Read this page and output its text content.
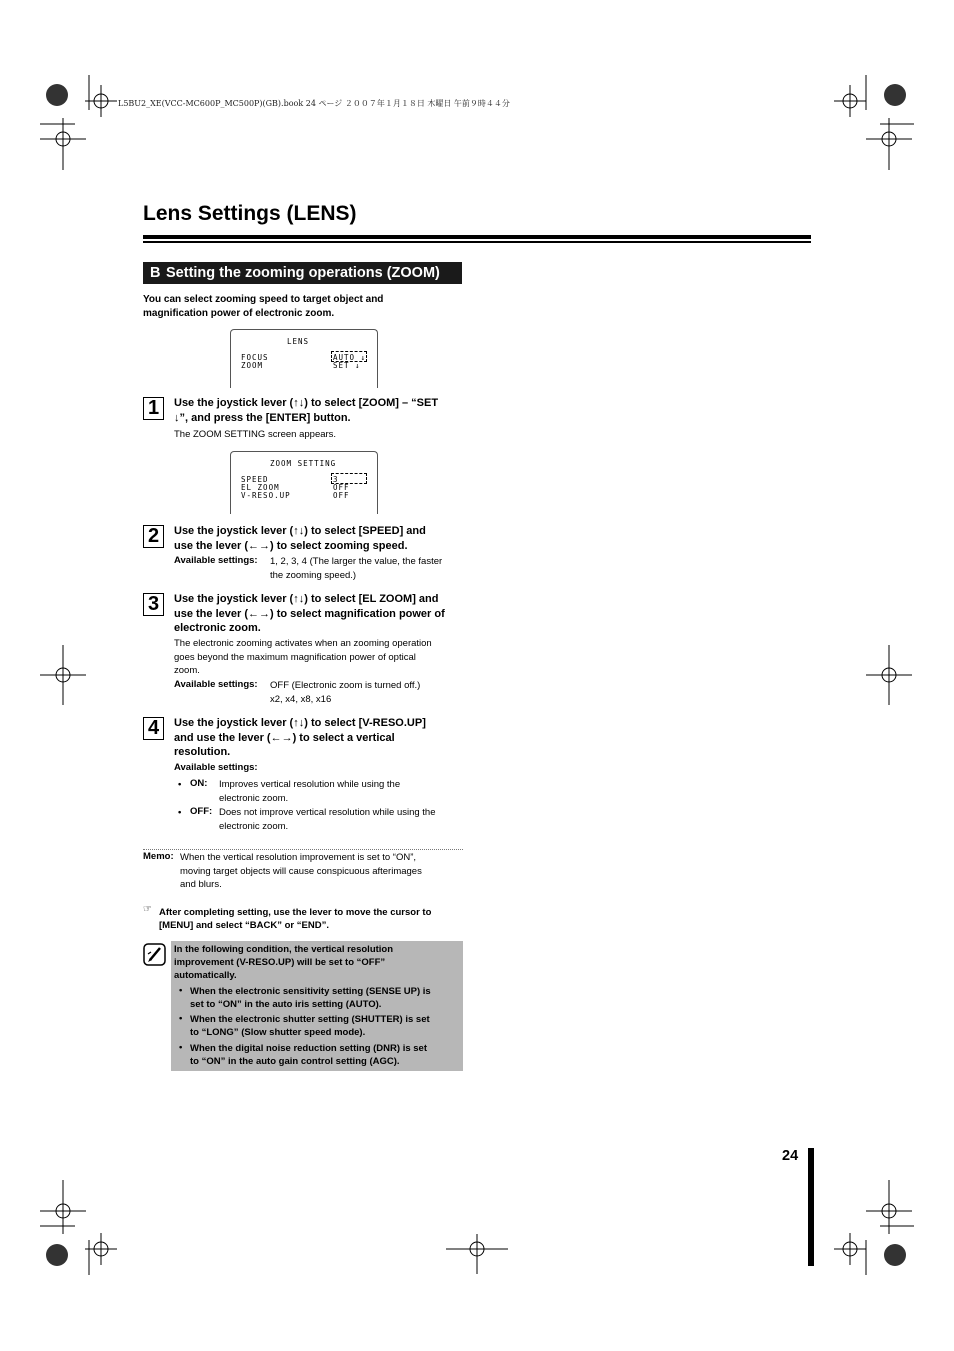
L5BU2_XE(VCC-MC600P_MC500P)(GB).book 24 ページ ２００７年１月１８日 木曜日 午前９時４４分
Lens Settings (LENS)
B Setting the zooming operations (ZOOM)
You can select zooming speed to target object and magnification power of electronic zoom.
LENS
FOCUS	AUTO ↓
ZOOM	SET ↓
1	Use the joystick lever (↑↓) to select [ZOOM] – “SET
↓”, and press the [ENTER] button.
The ZOOM SETTING screen appears.
ZOOM SETTING
SPEED	3
EL ZOOM	OFF
V-RESO.UP	OFF
2	Use the joystick lever (↑↓) to select [SPEED] and
use the lever (←→) to select zooming speed.
Available settings: 1, 2, 3, 4 (The larger the value, the faster
the zooming speed.)
3	Use the joystick lever (↑↓) to select [EL ZOOM] and
use the lever (←→) to select magnification power of
electronic zoom.
The electronic zooming activates when an zooming operation
goes beyond the maximum magnification power of optical
zoom.
Available settings: OFF (Electronic zoom is turned off.)
x2, x4, x8, x16
4	Use the joystick lever (↑↓) to select [V-RESO.UP]
and use the lever (←→) to select a vertical
resolution.
Available settings:
• ON: Improves vertical resolution while using the
electronic zoom.
• OFF: Does not improve vertical resolution while using the
electronic zoom.
Memo: When the vertical resolution improvement is set to “ON”,
moving target objects will cause conspicuous afterimages
and blurs.
☞ After completing setting, use the lever to move the cursor to
[MENU] and select “BACK” or “END”.
In the following condition, the vertical resolution
improvement (V-RESO.UP) will be set to “OFF”
automatically.
• When the electronic sensitivity setting (SENSE UP) is
set to “ON” in the auto iris setting (AUTO).
• When the electronic shutter setting (SHUTTER) is set
to “LONG” (Slow shutter speed mode).
• When the digital noise reduction setting (DNR) is set
to “ON” in the auto gain control setting (AGC).
24
